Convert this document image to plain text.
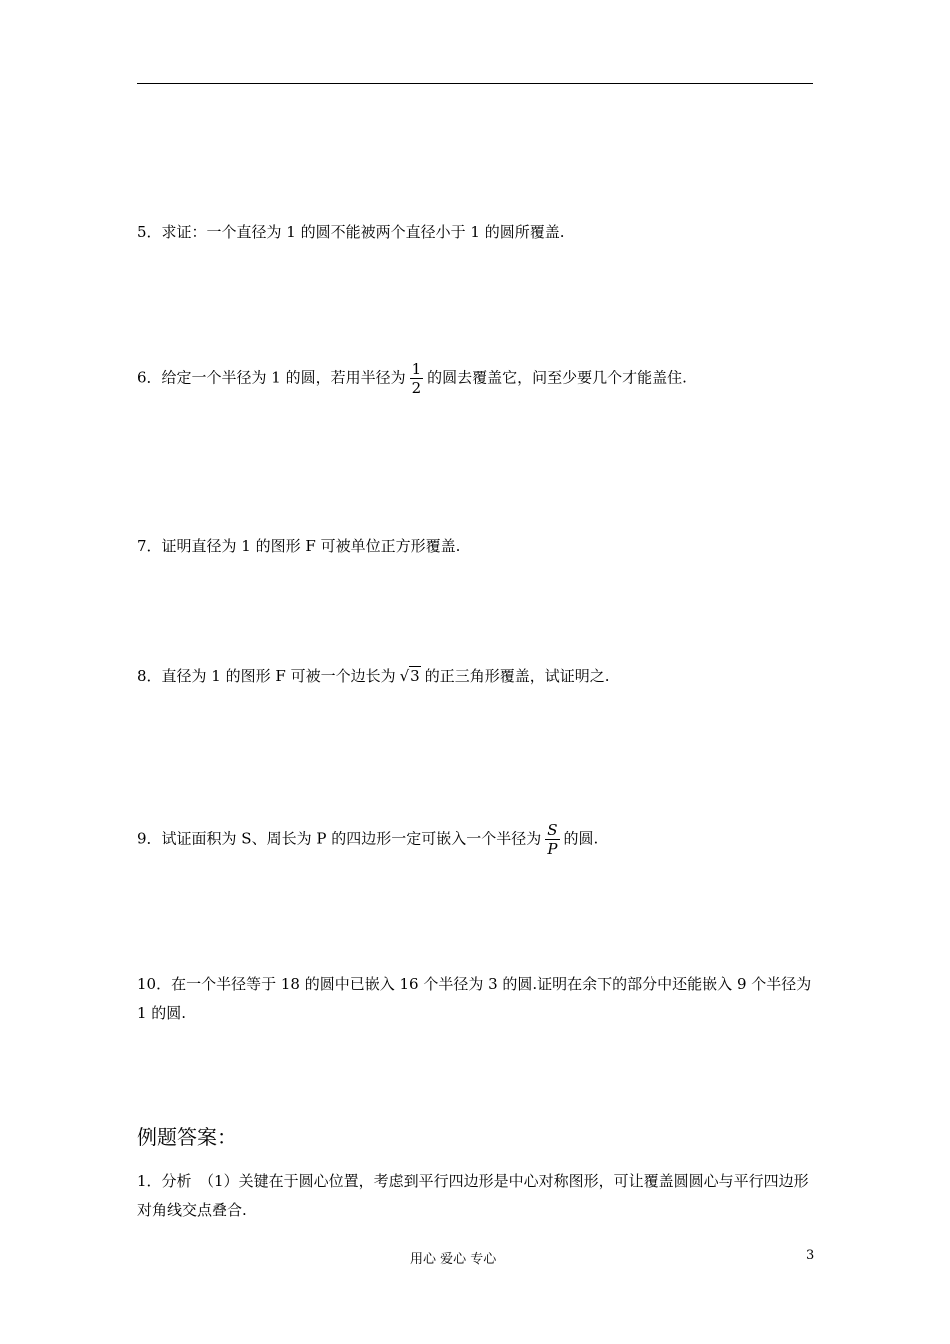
5．求证：一个直径为 1 的圆不能被两个直径小于 1 的圆所覆盖.
6．给定一个半径为 1 的圆，若用半径为 $\frac{1}{2}$ 的圆去覆盖它，问至少要几个才能盖住.
7．证明直径为 1 的图形 F 可被单位正方形覆盖.
8．直径为 1 的图形 F 可被一个边长为 √3 的正三角形覆盖，试证明之.
9．试证面积为 S、周长为 P 的四边形一定可嵌入一个半径为 $\frac{S}{P}$ 的圆.
10．在一个半径等于 18 的圆中已嵌入 16 个半径为 3 的圆.证明在余下的部分中还能嵌入 9 个半径为 1 的圆.
例题答案：
1．分析　（1）关键在于圆心位置，考虑到平行四边形是中心对称图形，可让覆盖圆圆心与平行四边形对角线交点叠合.
用心 爱心 专心	3
